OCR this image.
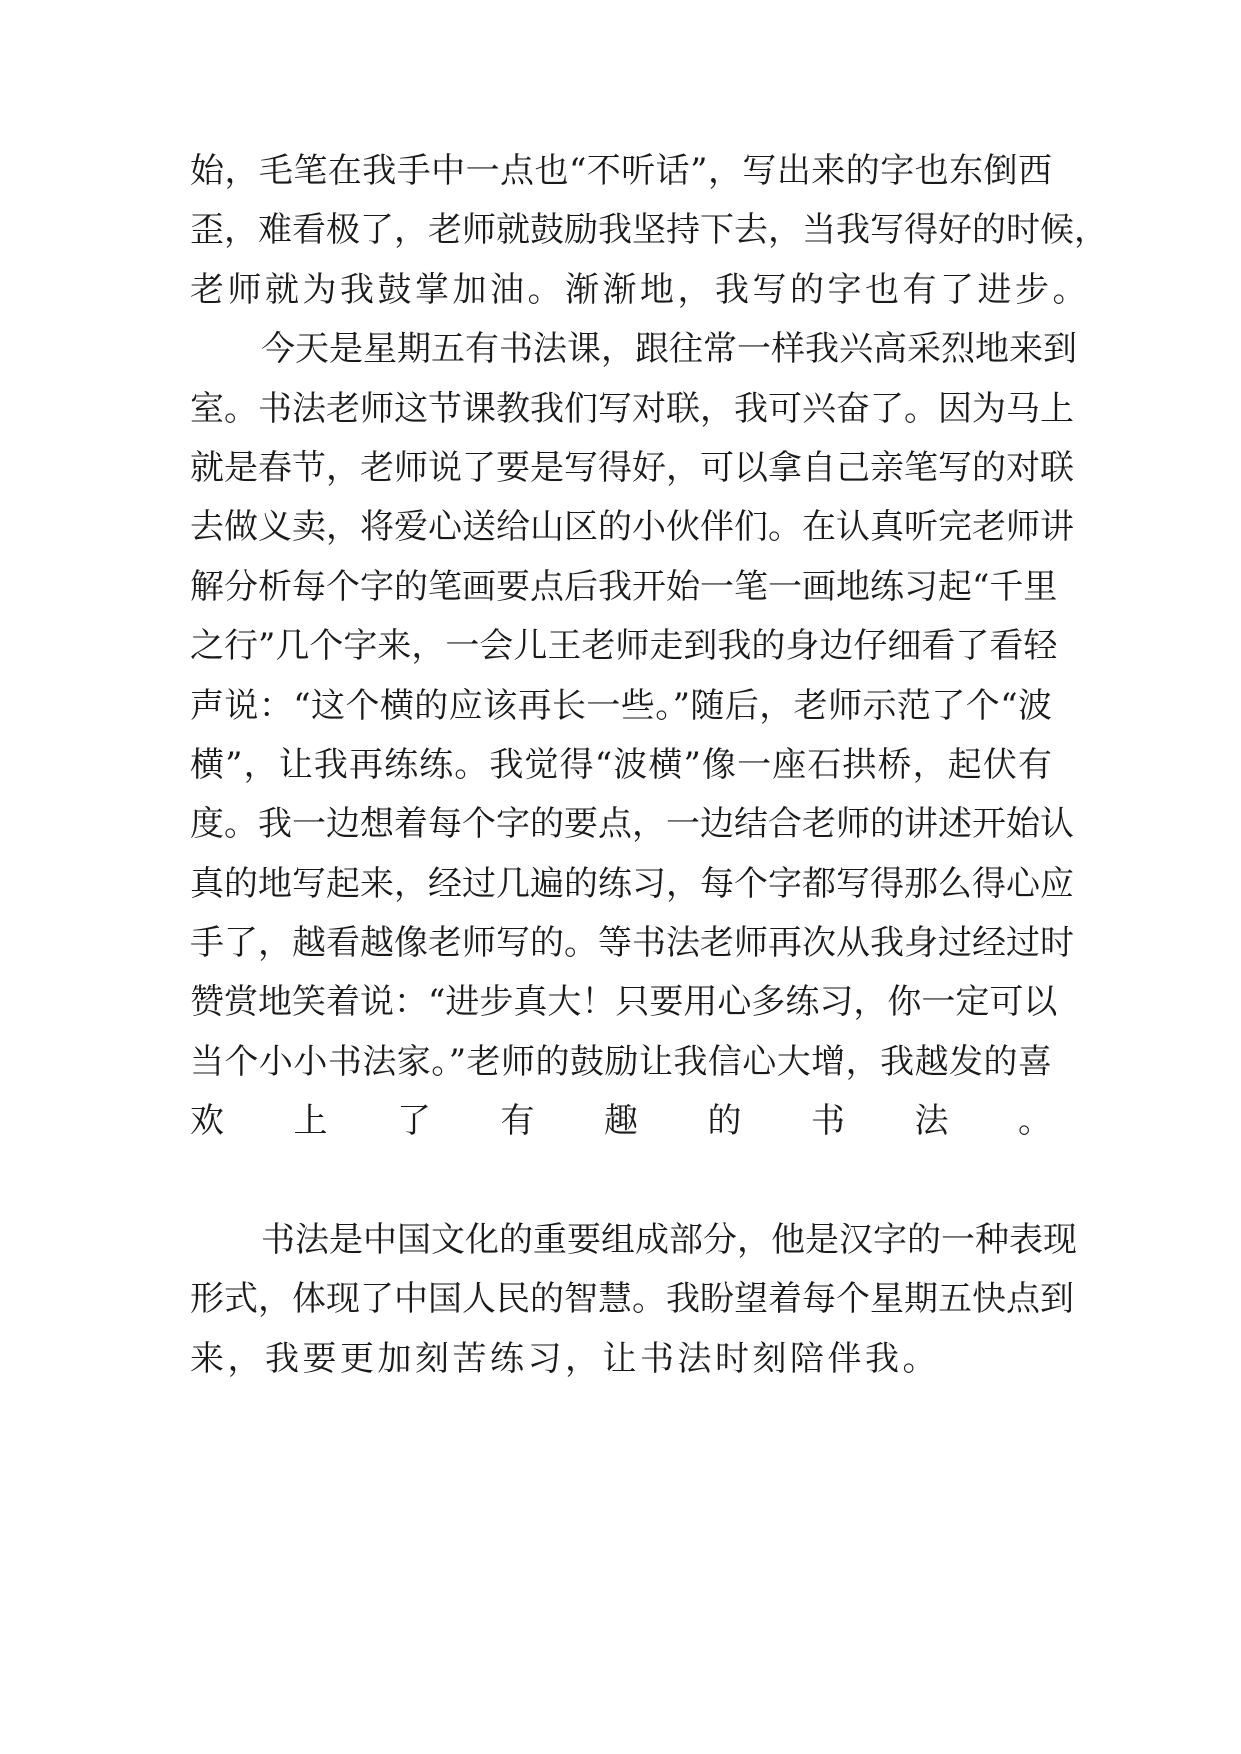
始，毛笔在我手中一点也“不听话”，写出来的字也东倒西
歪，难看极了，老师就鼓励我坚持下去，当我写得好的时候，
老师就为我鼓掌加油。渐渐地，我写的字也有了进步。
今天是星期五有书法课，跟往常一样我兴高采烈地来到
室。书法老师这节课教我们写对联，我可兴奋了。因为马上
就是春节，老师说了要是写得好，可以拿自己亲笔写的对联
去做义卖，将爱心送给山区的小伙伴们。在认真听完老师讲
解分析每个字的笔画要点后我开始一笔一画地练习起“千里
之行”几个字来，一会儿王老师走到我的身边仔细看了看轻
声说：“这个横的应该再长一些。”随后，老师示范了个“波
横”，让我再练练。我觉得“波横”像一座石拱桥，起伏有
度。我一边想着每个字的要点，一边结合老师的讲述开始认
真的地写起来，经过几遍的练习，每个字都写得那么得心应
手了，越看越像老师写的。等书法老师再次从我身过经过时
赞赏地笑着说：“进步真大！只要用心多练习，你一定可以
当个小小书法家。”老师的鼓励让我信心大增，我越发的喜
欢上了有趣的书法。
书法是中国文化的重要组成部分，他是汉字的一种表现
形式，体现了中国人民的智慧。我盼望着每个星期五快点到
来，我要更加刻苦练习，让书法时刻陪伴我。
